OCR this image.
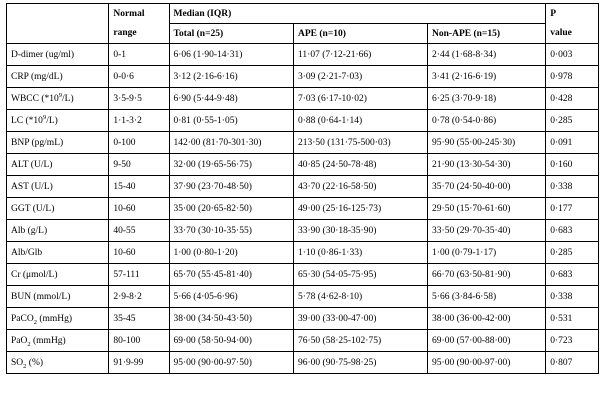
	Normal	Median (IQR)			P
	range	Total (n=25)	APE (n=10)	Non-APE (n=15)	value
D-dimer (ug/ml)	0-1	6·06 (1·90-14·31)	11·07 (7·12-21·66)	2·44 (1·68-8·34)	0·003
CRP (mg/dL)	0-0·6	3·12 (2·16-6·16)	3·09 (2·21-7·03)	3·41 (2·16-6·19)	0·978
WBCC $(*10^9/L)$	3·5-9·5	6·90 (5·44-9·48)	7·03 (6·17-10·02)	6·25 (3·70-9·18)	0·428
LC $(*10^9/L)$	1·1-3·2	0·81 (0·55-1·05)	0·88 (0·64-1·14)	0·78 (0·54-0·86)	0·285
BNP (pg/mL)	0-100	142·00 (81·70-301·30)	213·50 (131·75-500·03)	95·90 (55·00-245·30)	0·091
ALT (U/L)	9-50	32·00 (19·65-56·75)	40·85 (24·50-78·48)	21·90 (13·30-54·30)	0·160
AST (U/L)	15-40	37·90 (23·70-48·50)	43·70 (22·16-58·50)	35·70 (24·50-40·00)	0·338
GGT (U/L)	10-60	35·00 (20·65-82·50)	49·00 (25·16-125·73)	29·50 (15·70-61·60)	0·177
Alb (g/L)	40-55	33·70 (30·10-35·55)	33·90 (30·18-35·90)	33·50 (29·70-35·40)	0·683
Alb/Glb	10-60	1·00 (0·80-1·20)	1·10 (0·86-1·33)	1·00 (0·79-1·17)	0·285
Cr (μmol/L)	57-111	65·70 (55·45-81·40)	65·30 (54·05-75·95)	66·70 (63·50-81·90)	0·683
BUN (mmol/L)	2·9-8·2	5·66 (4·05-6·96)	5·78 (4·62-8·10)	5·66 (3·84-6·58)	0·338
PaCO$_2$ (mmHg)	35-45	38·00 (34·50-43·50)	39·00 (33·00-47·00)	38·00 (36·00-42·00)	0·531
PaO$_2$ (mmHg)	80-100	69·00 (58·50-94·00)	76·50 (58·25-102·75)	69·00 (57·00-88·00)	0·723
$SO_2$ (%)	91·9-99	95·00 (90·00-97·50)	96·00 (90·75-98·25)	95·00 (90·00-97·00)	0·807
